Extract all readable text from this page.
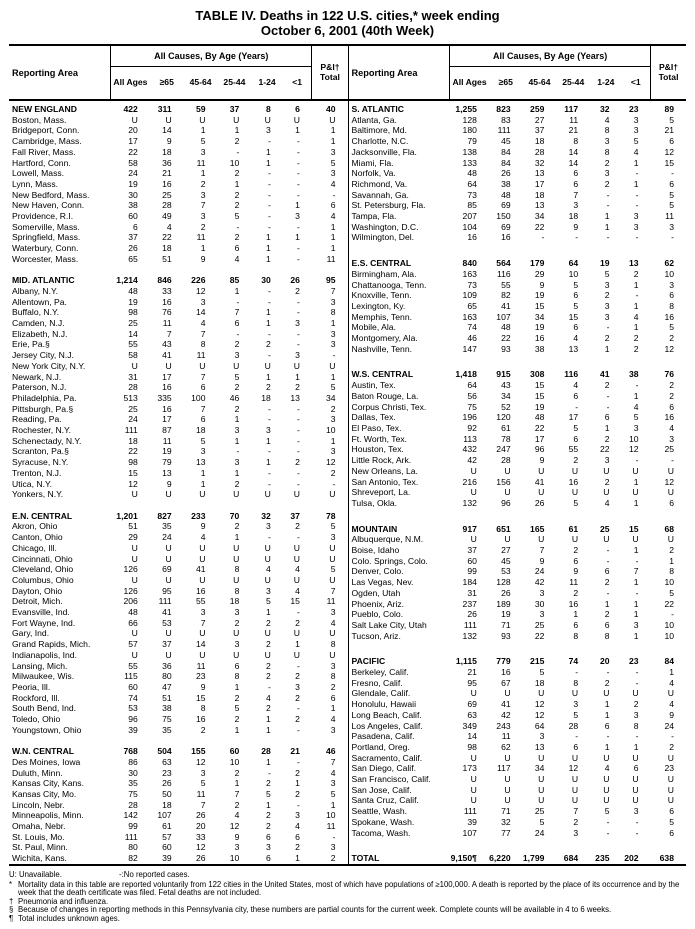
TABLE IV. Deaths in 122 U.S. cities,* week ending
October 6, 2001 (40th Week)
Reporting Area	All Causes, By Age (Years)						P&I†
Total
	All Ages	≥65	45-64	25-44	1-24	<1	
NEW ENGLAND	422	311	59	37	8	6	40
Boston, Mass.	U	U	U	U	U	U	U
Bridgeport, Conn.	20	14	1	1	3	1	1
Cambridge, Mass.	17	9	5	2	-	-	1
Fall River, Mass.	22	18	3	-	1	-	3
Hartford, Conn.	58	36	11	10	1	-	5
Lowell, Mass.	24	21	1	2	-	-	3
Lynn, Mass.	19	16	2	1	-	-	4
New Bedford, Mass.	30	25	3	2	-	-	-
New Haven, Conn.	38	28	7	2	-	1	6
Providence, R.I.	60	49	3	5	-	3	4
Somerville, Mass.	6	4	2	-	-	-	1
Springfield, Mass.	37	22	11	2	1	1	1
Waterbury, Conn.	26	18	1	6	1	-	1
Worcester, Mass.	65	51	9	4	1	-	11

MID. ATLANTIC	1,214	846	226	85	30	26	95
Albany, N.Y.	48	33	12	1	-	2	7
Allentown, Pa.	19	16	3	-	-	-	3
Buffalo, N.Y.	98	76	14	7	1	-	8
Camden, N.J.	25	11	4	6	1	3	1
Elizabeth, N.J.	14	7	7	-	-	-	3
Erie, Pa.§	55	43	8	2	2	-	3
Jersey City, N.J.	58	41	11	3	-	3	-
New York City, N.Y.	U	U	U	U	U	U	U
Newark, N.J.	31	17	7	5	1	1	1
Paterson, N.J.	28	16	6	2	2	2	5
Philadelphia, Pa.	513	335	100	46	18	13	34
Pittsburgh, Pa.§	25	16	7	2	-	-	2
Reading, Pa.	24	17	6	1	-	-	3
Rochester, N.Y.	111	87	18	3	3	-	10
Schenectady, N.Y.	18	11	5	1	1	-	1
Scranton, Pa.§	22	19	3	-	-	-	3
Syracuse, N.Y.	98	79	13	3	1	2	12
Trenton, N.J.	15	13	1	1	-	-	2
Utica, N.Y.	12	9	1	2	-	-	-
Yonkers, N.Y.	U	U	U	U	U	U	U

E.N. CENTRAL	1,201	827	233	70	32	37	78
Akron, Ohio	51	35	9	2	3	2	5
Canton, Ohio	29	24	4	1	-	-	3
Chicago, Ill.	U	U	U	U	U	U	U
Cincinnati, Ohio	U	U	U	U	U	U	U
Cleveland, Ohio	126	69	41	8	4	4	5
Columbus, Ohio	U	U	U	U	U	U	U
Dayton, Ohio	126	95	16	8	3	4	7
Detroit, Mich.	206	111	55	18	5	15	11
Evansville, Ind.	48	41	3	3	1	-	3
Fort Wayne, Ind.	66	53	7	2	2	2	4
Gary, Ind.	U	U	U	U	U	U	U
Grand Rapids, Mich.	57	37	14	3	2	1	8
Indianapolis, Ind.	U	U	U	U	U	U	U
Lansing, Mich.	55	36	11	6	2	-	3
Milwaukee, Wis.	115	80	23	8	2	2	8
Peoria, Ill.	60	47	9	1	-	3	2
Rockford, Ill.	74	51	15	2	4	2	6
South Bend, Ind.	53	38	8	5	2	-	1
Toledo, Ohio	96	75	16	2	1	2	4
Youngstown, Ohio	39	35	2	1	1	-	3

W.N. CENTRAL	768	504	155	60	28	21	46
Des Moines, Iowa	86	63	12	10	1	-	7
Duluth, Minn.	30	23	3	2	-	2	4
Kansas City, Kans.	35	26	5	1	2	1	3
Kansas City, Mo.	75	50	11	7	5	2	5
Lincoln, Nebr.	28	18	7	2	1	-	1
Minneapolis, Minn.	142	107	26	4	2	3	10
Omaha, Nebr.	99	61	20	12	2	4	11
St. Louis, Mo.	111	57	33	9	6	6	-
St. Paul, Minn.	80	60	12	3	3	2	3
Wichita, Kans.	82	39	26	10	6	1	2
Reporting Area	All Causes, By Age (Years)						P&I†
Total
	All Ages	≥65	45-64	25-44	1-24	<1	
S. ATLANTIC	1,255	823	259	117	32	23	89
Atlanta, Ga.	128	83	27	11	4	3	5
Baltimore, Md.	180	111	37	21	8	3	21
Charlotte, N.C.	79	45	18	8	3	5	6
Jacksonville, Fla.	138	84	28	14	8	4	12
Miami, Fla.	133	84	32	14	2	1	15
Norfolk, Va.	48	26	13	6	3	-	-
Richmond, Va.	64	38	17	6	2	1	6
Savannah, Ga.	73	48	18	7	-	-	5
St. Petersburg, Fla.	85	69	13	3	-	-	5
Tampa, Fla.	207	150	34	18	1	3	11
Washington, D.C.	104	69	22	9	1	3	3
Wilmington, Del.	16	16	-	-	-	-	-

E.S. CENTRAL	840	564	179	64	19	13	62
Birmingham, Ala.	163	116	29	10	5	2	10
Chattanooga, Tenn.	73	55	9	5	3	1	3
Knoxville, Tenn.	109	82	19	6	2	-	6
Lexington, Ky.	65	41	15	5	3	1	8
Memphis, Tenn.	163	107	34	15	3	4	16
Mobile, Ala.	74	48	19	6	-	1	5
Montgomery, Ala.	46	22	16	4	2	2	2
Nashville, Tenn.	147	93	38	13	1	2	12

W.S. CENTRAL	1,418	915	308	116	41	38	76
Austin, Tex.	64	43	15	4	2	-	2
Baton Rouge, La.	56	34	15	6	-	1	2
Corpus Christi, Tex.	75	52	19	-	-	4	6
Dallas, Tex.	196	120	48	17	6	5	16
El Paso, Tex.	92	61	22	5	1	3	4
Ft. Worth, Tex.	113	78	17	6	2	10	3
Houston, Tex.	432	247	96	55	22	12	25
Little Rock, Ark.	42	28	9	2	3	-	-
New Orleans, La.	U	U	U	U	U	U	U
San Antonio, Tex.	216	156	41	16	2	1	12
Shreveport, La.	U	U	U	U	U	U	U
Tulsa, Okla.	132	96	26	5	4	1	6

MOUNTAIN	917	651	165	61	25	15	68
Albuquerque, N.M.	U	U	U	U	U	U	U
Boise, Idaho	37	27	7	2	-	1	2
Colo. Springs, Colo.	60	45	9	6	-	-	1
Denver, Colo.	99	53	24	9	6	7	8
Las Vegas, Nev.	184	128	42	11	2	1	10
Ogden, Utah	31	26	3	2	-	-	5
Phoenix, Ariz.	237	189	30	16	1	1	22
Pueblo, Colo.	26	19	3	1	2	1	-
Salt Lake City, Utah	111	71	25	6	6	3	10
Tucson, Ariz.	132	93	22	8	8	1	10

PACIFIC	1,115	779	215	74	20	23	84
Berkeley, Calif.	21	16	5	-	-	-	1
Fresno, Calif.	95	67	18	8	2	-	4
Glendale, Calif.	U	U	U	U	U	U	U
Honolulu, Hawaii	69	41	12	3	1	2	4
Long Beach, Calif.	63	42	12	5	1	3	9
Los Angeles, Calif.	349	243	64	28	6	8	24
Pasadena, Calif.	14	11	3	-	-	-	-
Portland, Oreg.	98	62	13	6	1	1	2
Sacramento, Calif.	U	U	U	U	U	U	U
San Diego, Calif.	173	117	34	12	4	6	23
San Francisco, Calif.	U	U	U	U	U	U	U
San Jose, Calif.	U	U	U	U	U	U	U
Santa Cruz, Calif.	U	U	U	U	U	U	U
Seattle, Wash.	111	71	25	7	5	3	6
Spokane, Wash.	39	32	5	2	-	-	5
Tacoma, Wash.	107	77	24	3	-	-	6

TOTAL	9,150¶	6,220	1,799	684	235	202	638
U: Unavailable.	-:No reported cases.
* Mortality data in this table are reported voluntarily from 122 cities in the United States, most of which have populations of ≥100,000. A death is reported by the place of its occurrence and by the week that the death certificate was filed. Fetal deaths are not included.
† Pneumonia and influenza.
§ Because of changes in reporting methods in this Pennsylvania city, these numbers are partial counts for the current week. Complete counts will be available in 4 to 6 weeks.
¶ Total includes unknown ages.
